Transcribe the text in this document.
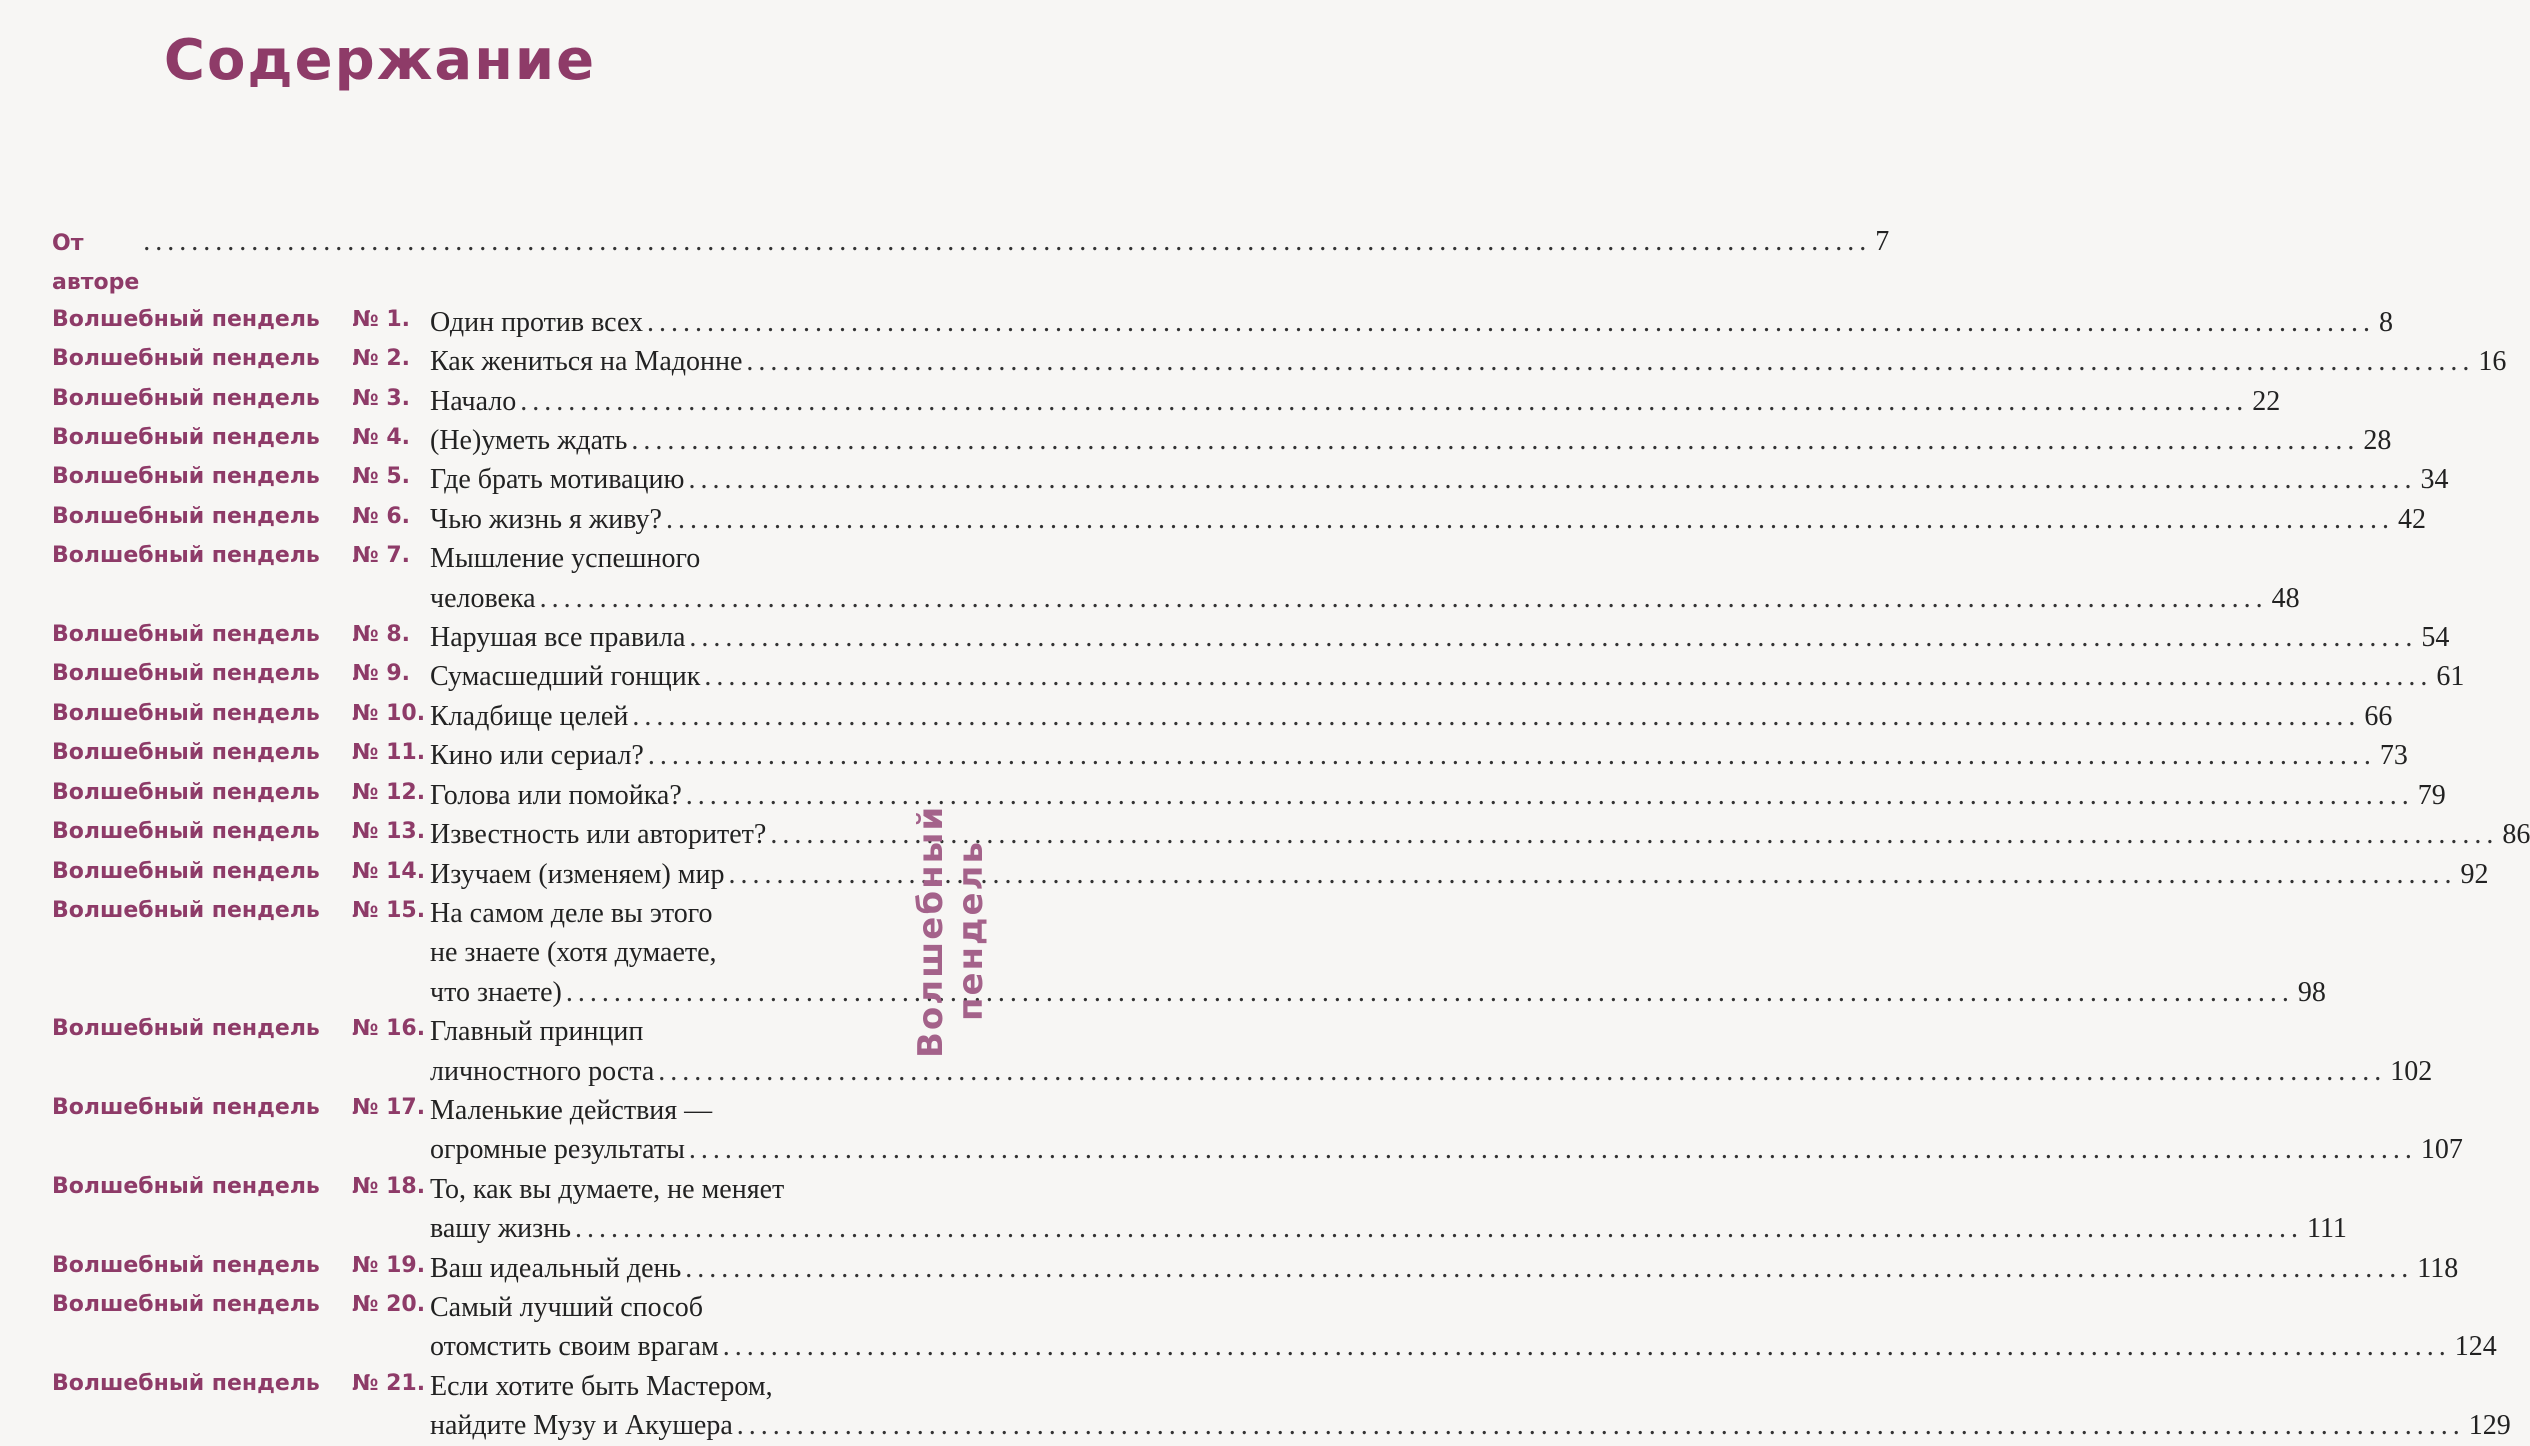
Содержание
От авторе
................................................................................................................................................ 7
Волшебный пендель № 1. Один против всех ................................................................................................................................................ 8
Волшебный пендель № 2. Как жениться на Мадонне ................................................................................................................................................ 16
Волшебный пендель № 3. Начало ................................................................................................................................................ 22
Волшебный пендель № 4. (Не)уметь ждать ................................................................................................................................................ 28
Волшебный пендель № 5. Где брать мотивацию ................................................................................................................................................ 34
Волшебный пендель № 6. Чью жизнь я живу? ................................................................................................................................................ 42
Волшебный пендель № 7. Мышление успешного
человека ................................................................................................................................................ 48
Волшебный пендель № 8. Нарушая все правила ................................................................................................................................................ 54
Волшебный пендель № 9. Сумасшедший гонщик ................................................................................................................................................ 61
Волшебный пендель № 10. Кладбище целей ................................................................................................................................................ 66
Волшебный пендель № 11. Кино или сериал? ................................................................................................................................................ 73
Волшебный пендель № 12. Голова или помойка? ................................................................................................................................................ 79
Волшебный пендель № 13. Известность или авторитет? ................................................................................................................................................ 86
Волшебный пендель № 14. Изучаем (изменяем) мир ................................................................................................................................................ 92
Волшебный пендель № 15. На самом деле вы этого
не знаете (хотя думаете,
что знаете) ................................................................................................................................................ 98
Волшебный пендель № 16. Главный принцип
личностного роста ................................................................................................................................................ 102
Волшебный пендель № 17. Маленькие действия —
огромные результаты ................................................................................................................................................ 107
Волшебный пендель № 18. То, как вы думаете, не меняет
вашу жизнь ................................................................................................................................................ 111
Волшебный пендель № 19. Ваш идеальный день ................................................................................................................................................ 118
Волшебный пендель № 20. Самый лучший способ
отомстить своим врагам ................................................................................................................................................ 124
Волшебный пендель № 21. Если хотите быть Мастером,
найдите Музу и Акушера ................................................................................................................................................ 129
Волшебный пендель
